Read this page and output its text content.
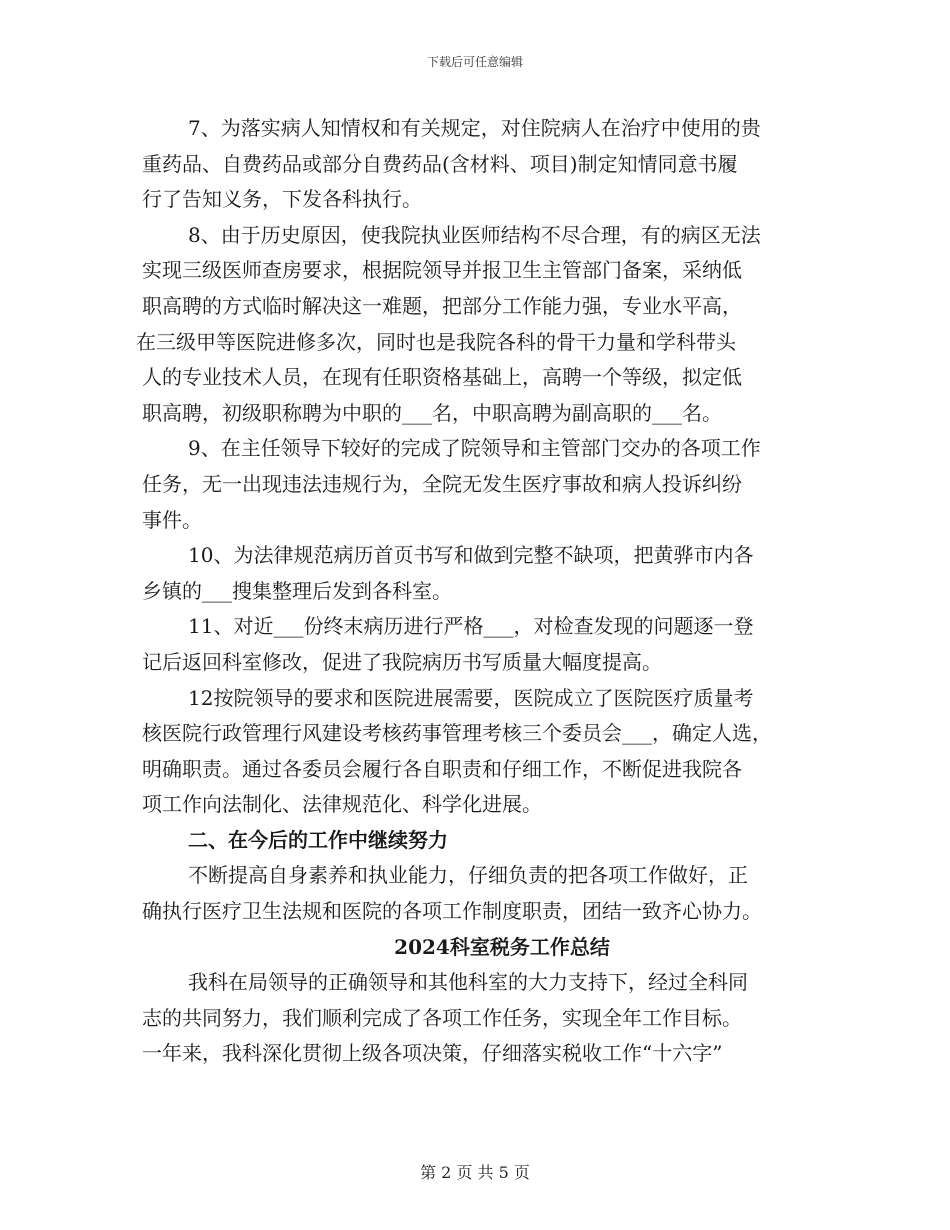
下载后可任意编辑
7、为落实病人知情权和有关规定，对住院病人在治疗中使用的贵
重药品、自费药品或部分自费药品(含材料、项目)制定知情同意书履
行了告知义务，下发各科执行。
8、由于历史原因，使我院执业医师结构不尽合理，有的病区无法
实现三级医师查房要求，根据院领导并报卫生主管部门备案，采纳低
职高聘的方式临时解决这一难题，把部分工作能力强，专业水平高，
在三级甲等医院进修多次，同时也是我院各科的骨干力量和学科带头
人的专业技术人员，在现有任职资格基础上，高聘一个等级，拟定低
职高聘，初级职称聘为中职的___名，中职高聘为副高职的___名。
9、在主任领导下较好的完成了院领导和主管部门交办的各项工作
任务，无一出现违法违规行为，全院无发生医疗事故和病人投诉纠纷
事件。
10、为法律规范病历首页书写和做到完整不缺项，把黄骅市内各
乡镇的___搜集整理后发到各科室。
11、对近___份终末病历进行严格___，对检查发现的问题逐一登
记后返回科室修改，促进了我院病历书写质量大幅度提高。
12按院领导的要求和医院进展需要，医院成立了医院医疗质量考
核医院行政管理行风建设考核药事管理考核三个委员会___，确定人选，
明确职责。通过各委员会履行各自职责和仔细工作，不断促进我院各
项工作向法制化、法律规范化、科学化进展。
二、在今后的工作中继续努力
不断提高自身素养和执业能力，仔细负责的把各项工作做好，正
确执行医疗卫生法规和医院的各项工作制度职责，团结一致齐心协力。
2024科室税务工作总结
我科在局领导的正确领导和其他科室的大力支持下，经过全科同
志的共同努力，我们顺利完成了各项工作任务，实现全年工作目标。
一年来，我科深化贯彻上级各项决策，仔细落实税收工作“十六字”
第 2 页 共 5 页
